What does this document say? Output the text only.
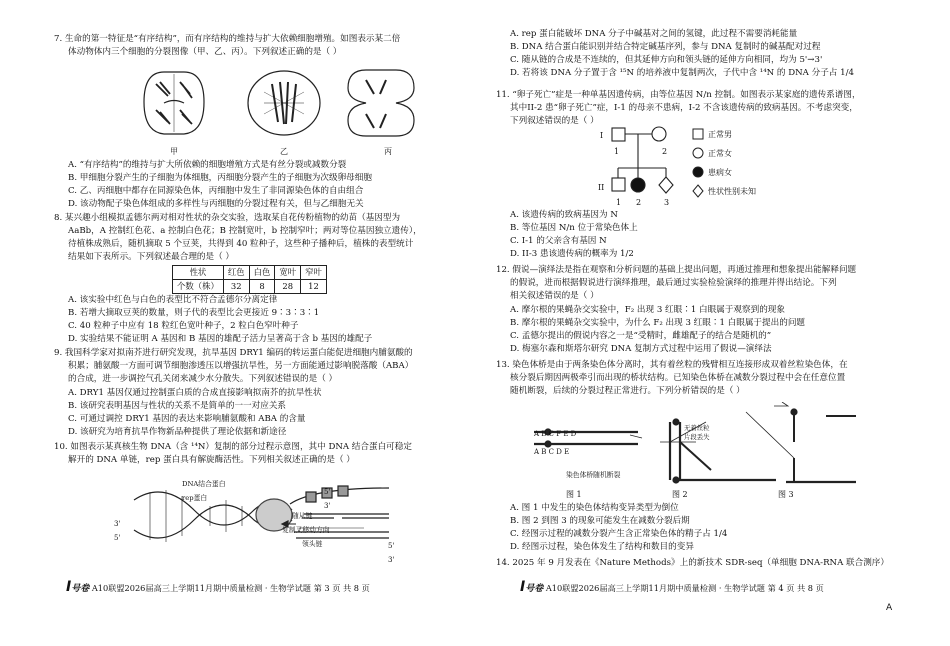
7. 生命的第一特征是“有序结构”，而有序结构的维持与扩大依赖细胞增殖。如图表示某二倍
体动物体内三个细胞的分裂图像（甲、乙、丙）。下列叙述正确的是（ ）
甲	乙	丙
A. “有序结构”的维持与扩大所依赖的细胞增殖方式是有丝分裂或减数分裂
B. 甲细胞分裂产生的子细胞为体细胞，丙细胞分裂产生的子细胞为次级卵母细胞
C. 乙、丙细胞中都存在同源染色体，丙细胞中发生了非同源染色体的自由组合
D. 该动物配子染色体组成的多样性与丙细胞的分裂过程有关，但与乙细胞无关
8. 某兴趣小组模拟孟德尔两对相对性状的杂交实验，选取某自花传粉植物的幼苗（基因型为
AaBb，A 控制红色花、a 控制白色花；B 控制宽叶，b 控制窄叶；两对等位基因独立遗传），
待植株成熟后，随机摘取 5 个豆荚，共得到 40 粒种子，这些种子播种后，植株的表型统计
结果如下表所示。下列叙述最合理的是（ ）
性状	红色	白色	宽叶	窄叶
个数（株）	32	8	28	12
A. 该实验中红色与白色的表型比不符合孟德尔分离定律
B. 若增大摘取豆荚的数量，则子代的表型比会更接近 9∶3∶3∶1
C. 40 粒种子中应有 18 粒红色宽叶种子，2 粒白色窄叶种子
D. 实验结果不能证明 A 基因和 B 基因的雄配子活力呈著高于含 b 基因的雄配子
9. 我国科学家对拟南芥进行研究发现，抗旱基因 DRY1 编码的转运蛋白能促进细胞内脯氨酸的
积累；脯氨酸一方面可调节细胞渗透压以增强抗旱性，另一方面能通过影响脱落酸（ABA）
的合成，进一步调控气孔关闭来减少水分散失。下列叙述错误的是（ ）
A. DRY1 基因仅通过控制蛋白质的合成直接影响拟南芥的抗旱性状
B. 该研究表明基因与性状的关系不是简单的一一对应关系
C. 可通过调控 DRY1 基因的表达来影响脯氨酸和 ABA 的含量
D. 该研究为培育抗旱作物新品种提供了理论依据和新途径
10. 如图表示某真核生物 DNA（含 ¹⁴N）复制的部分过程示意图，其中 DNA 结合蛋白可稳定
解开的 DNA 单链，rep 蛋白具有解旋酶活性。下列相关叙述正确的是（ ）
DNA结合蛋白
rep蛋白
随从链
复制叉移动方向
领头链
5'
3'
3'
5'
5'
3'
I号卷 A10联盟2026届高三上学期11月期中质量检测 · 生物学试题 第 3 页 共 8 页
A. rep 蛋白能破坏 DNA 分子中碱基对之间的氢键，此过程不需要消耗能量
B. DNA 结合蛋白能识别并结合特定碱基序列，参与 DNA 复制时的碱基配对过程
C. 随从链的合成是不连续的，但其延伸方向和领头链的延伸方向相同，均为 5'→3'
D. 若将该 DNA 分子置于含 ¹⁵N 的培养液中复制两次，子代中含 ¹⁴N 的 DNA 分子占 1/4
11. “卵子死亡”症是一种单基因遗传病，由等位基因 N/n 控制。如图表示某家庭的遗传系谱图，
其中II-2 患“卵子死亡”症，I-1 的母亲不患病，I-2 不含该遗传病的致病基因。不考虑突变，
下列叙述错误的是（ ）
I
II
1	2
1 2	3
正常男
正常女
患病女
性状性别未知
A. 该遗传病的致病基因为 N
B. 等位基因 N/n 位于常染色体上
C. I-1 的父亲含有基因 N
D. II-3 患该遗传病的概率为 1/2
12. 假说—演绎法是指在观察和分析问题的基础上提出问题，再通过推理和想象提出能解释问题
的假说，进而根据假说进行演绎推理，最后通过实验检验演绎的推理并得出结论。下列
相关叙述错误的是（ ）
A. 摩尔根的果蝇杂交实验中，F₂ 出现 3 红眼∶1 白眼属于观察到的现象
B. 摩尔根的果蝇杂交实验中，为什么 F₂ 出现 3 红眼∶1 白眼属于提出的问题
C. 孟德尔提出的假说内容之一是“受精时，雌雄配子的结合是随机的”
D. 梅塞尔森和斯塔尔研究 DNA 复制方式过程中运用了假说—演绎法
13. 染色体桥是由于两条染色体分离时，其有着丝粒的残臂相互连接形成双着丝粒染色体，在
核分裂后期因两极牵引而出现的桥状结构。已知染色体桥在减数分裂过程中会在任意位置
随机断裂，后续的分裂过程正常进行。下列分析错误的是（ ）
A B C F E D
A B C D E
无着丝粒
片段丢失
染色体桥随机断裂
图 1	图 2	图 3
A. 图 1 中发生的染色体结构变异类型为倒位
B. 图 2 到图 3 的现象可能发生在减数分裂后期
C. 经图示过程的减数分裂产生含正常染色体的精子占 1/4
D. 经图示过程，染色体发生了结构和数目的变异
14. 2025 年 9 月发表在《Nature Methods》上的新技术 SDR-seq（单细胞 DNA-RNA 联合测序）
I号卷 A10联盟2026届高三上学期11月期中质量检测 · 生物学试题 第 4 页 共 8 页
A
